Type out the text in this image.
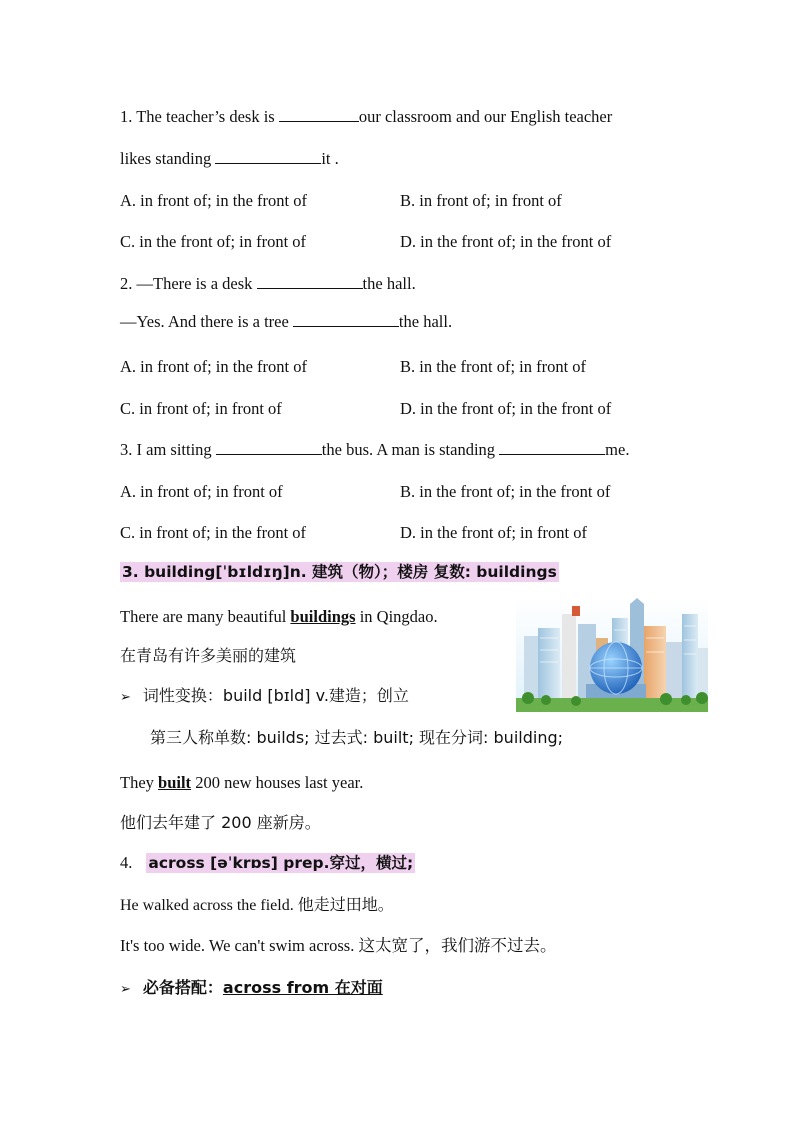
1. The teacher’s desk is	our classroom and our English teacher
likes standing	it .
A. in front of; in the front of	B. in front of; in front of
C. in the front of; in front of	D. in the front of; in the front of
2. —There is a desk	the hall.
—Yes. And there is a tree	the hall.
A. in front of; in the front of	B. in the front of; in front of
C. in front of; in front of	D. in the front of; in the front of
3. I am sitting	the bus. A man is standing	me.
A. in front of; in front of	B. in the front of; in the front of
C. in front of; in the front of	D. in the front of; in front of
3. building[ˈbɪldɪŋ]n. 建筑（物）；楼房 复数: buildings
There are many beautiful buildings in Qingdao.
在青岛有许多美丽的建筑
➢ 词性变换：build [bɪld] v.建造；创立
第三人称单数: builds; 过去式: built; 现在分词: building;
They built 200 new houses last year.
他们去年建了 200 座新房。
4. across [əˈkrɒs] prep.穿过，横过;
He walked across the field. 他走过田地。
It's too wide. We can't swim across. 这太宽了，我们游不过去。
➢ 必备搭配：across from 在对面
